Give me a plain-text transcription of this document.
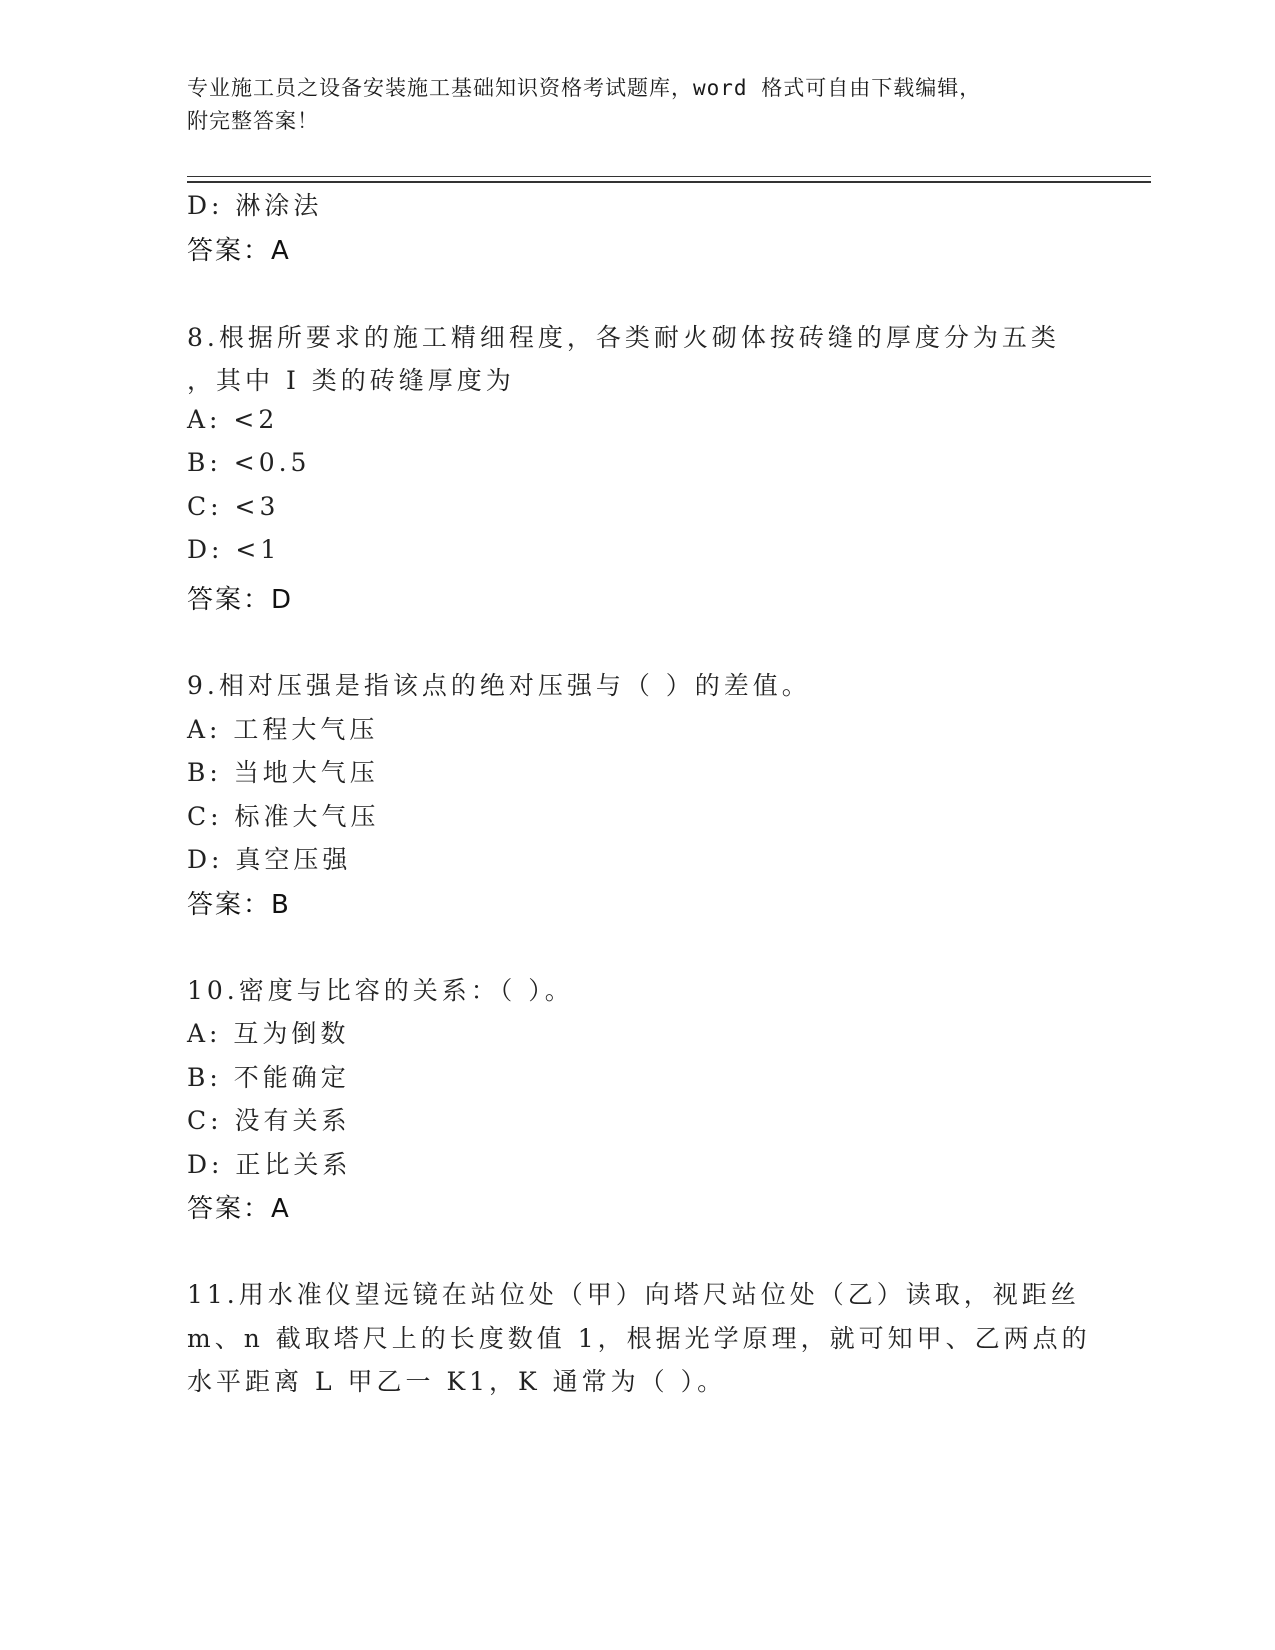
专业施工员之设备安装施工基础知识资格考试题库，word 格式可自由下载编辑，
附完整答案！
D: 淋涂法
答案：A
8.根据所要求的施工精细程度，各类耐火砌体按砖缝的厚度分为五类
，其中 I 类的砖缝厚度为
A: <2
B: <0.5
C: <3
D: <1
答案：D
9.相对压强是指该点的绝对压强与（ ）的差值。
A: 工程大气压
B: 当地大气压
C: 标准大气压
D: 真空压强
答案：B
10.密度与比容的关系：（ ）。
A: 互为倒数
B: 不能确定
C: 没有关系
D: 正比关系
答案：A
11.用水准仪望远镜在站位处（甲）向塔尺站位处（乙）读取，视距丝
m、n 截取塔尺上的长度数值 1，根据光学原理，就可知甲、乙两点的
水平距离 L 甲乙一 K1，K 通常为（ ）。
